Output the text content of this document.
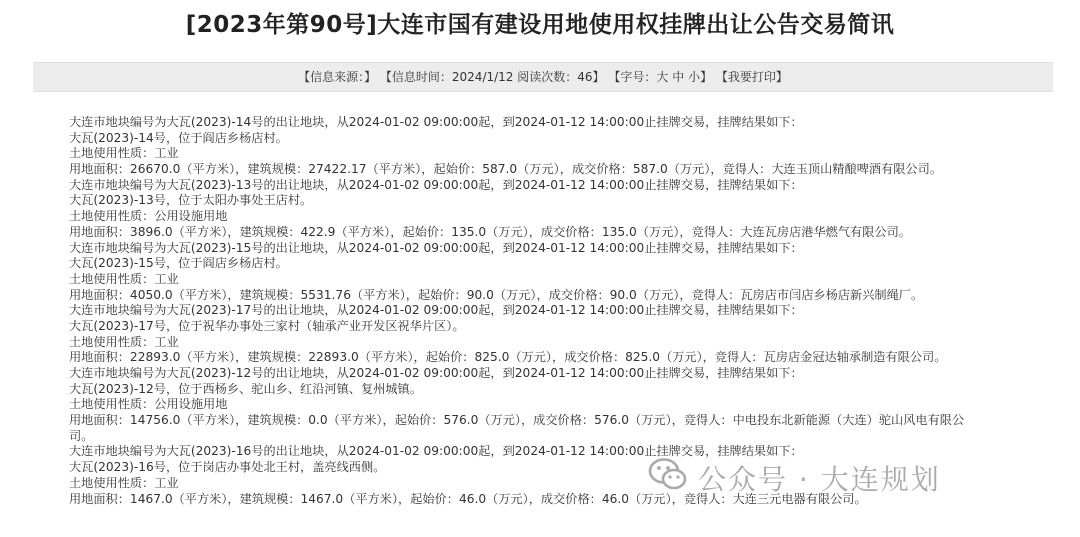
[2023年第90号]大连市国有建设用地使用权挂牌出让公告交易简讯
【信息来源：】 【信息时间：2024/1/12 阅读次数：46】 【字号：大 中 小】 【我要打印】
大连市地块编号为大瓦(2023)-14号的出让地块，从2024-01-02 09:00:00起，到2024-01-12 14:00:00止挂牌交易，挂牌结果如下：
大瓦(2023)-14号，位于阎店乡杨店村。
土地使用性质：工业
用地面积：26670.0（平方米），建筑规模：27422.17（平方米），起始价：587.0（万元），成交价格：587.0（万元），竞得人：大连玉顶山精酿啤酒有限公司。
大连市地块编号为大瓦(2023)-13号的出让地块，从2024-01-02 09:00:00起，到2024-01-12 14:00:00止挂牌交易，挂牌结果如下：
大瓦(2023)-13号，位于太阳办事处王店村。
土地使用性质：公用设施用地
用地面积：3896.0（平方米），建筑规模：422.9（平方米），起始价：135.0（万元），成交价格：135.0（万元），竞得人：大连瓦房店港华燃气有限公司。
大连市地块编号为大瓦(2023)-15号的出让地块，从2024-01-02 09:00:00起，到2024-01-12 14:00:00止挂牌交易，挂牌结果如下：
大瓦(2023)-15号，位于阎店乡杨店村。
土地使用性质：工业
用地面积：4050.0（平方米），建筑规模：5531.76（平方米），起始价：90.0（万元），成交价格：90.0（万元），竞得人：瓦房店市闫店乡杨店新兴制绳厂。
大连市地块编号为大瓦(2023)-17号的出让地块，从2024-01-02 09:00:00起，到2024-01-12 14:00:00止挂牌交易，挂牌结果如下：
大瓦(2023)-17号，位于祝华办事处三家村（轴承产业开发区祝华片区）。
土地使用性质：工业
用地面积：22893.0（平方米），建筑规模：22893.0（平方米），起始价：825.0（万元），成交价格：825.0（万元），竞得人：瓦房店金冠达轴承制造有限公司。
大连市地块编号为大瓦(2023)-12号的出让地块，从2024-01-02 09:00:00起，到2024-01-12 14:00:00止挂牌交易，挂牌结果如下：
大瓦(2023)-12号，位于西杨乡、驼山乡、红沿河镇、复州城镇。
土地使用性质：公用设施用地
用地面积：14756.0（平方米），建筑规模：0.0（平方米），起始价：576.0（万元），成交价格：576.0（万元），竞得人：中电投东北新能源（大连）驼山风电有限公
司。
大连市地块编号为大瓦(2023)-16号的出让地块，从2024-01-02 09:00:00起，到2024-01-12 14:00:00止挂牌交易，挂牌结果如下：
大瓦(2023)-16号，位于岗店办事处北王村，盖亮线西侧。
土地使用性质：工业
用地面积：1467.0（平方米），建筑规模：1467.0（平方米），起始价：46.0（万元），成交价格：46.0（万元），竞得人：大连三元电器有限公司。
公众号 · 大连规划
